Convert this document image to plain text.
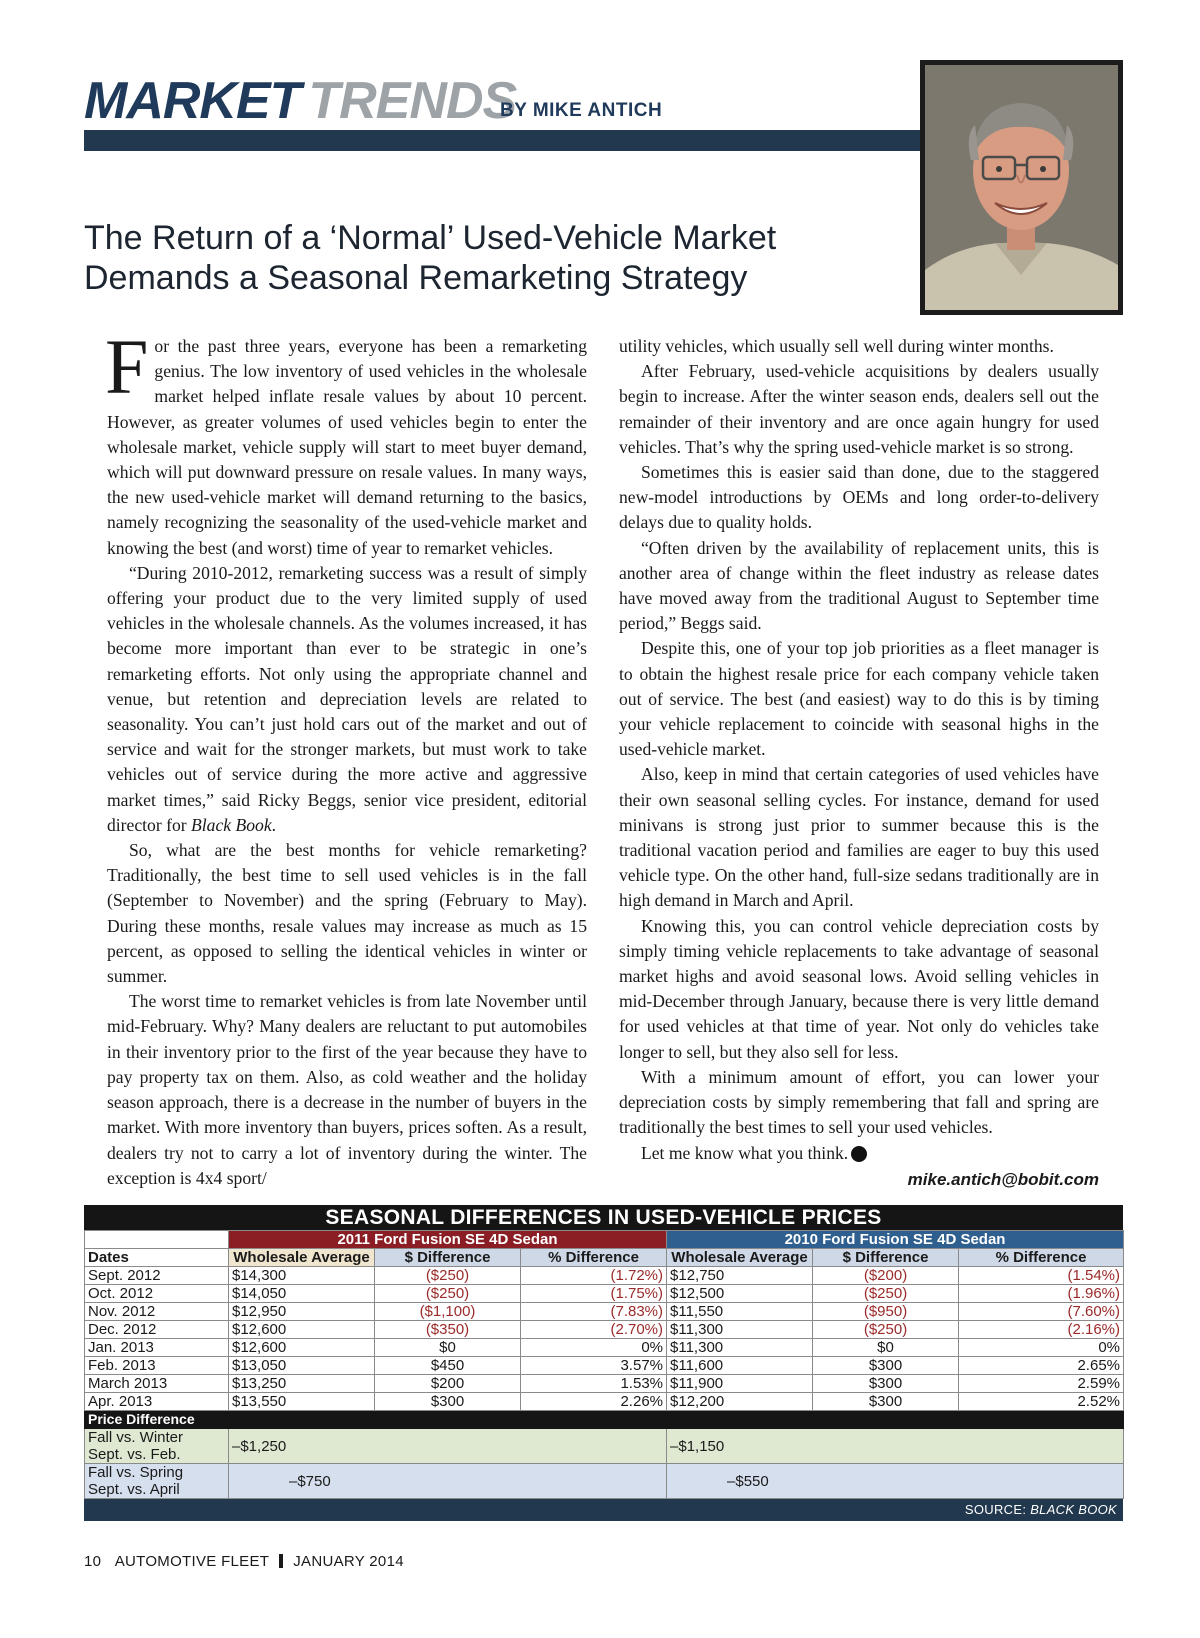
MARKET TRENDS
BY MIKE ANTICH
The Return of a ‘Normal’ Used-Vehicle Market Demands a Seasonal Remarketing Strategy

For the past three years, everyone has been a remarketing genius. The low inventory of used vehicles in the wholesale market helped inflate resale values by about 10 percent. However, as greater volumes of used vehicles begin to enter the wholesale market, vehicle supply will start to meet buyer demand, which will put downward pressure on resale values. In many ways, the new used-vehicle market will demand returning to the basics, namely recognizing the seasonality of the used-vehicle market and knowing the best (and worst) time of year to remarket vehicles.

“During 2010-2012, remarketing success was a result of simply offering your product due to the very limited supply of used vehicles in the wholesale channels. As the volumes increased, it has become more important than ever to be strategic in one’s remarketing efforts. Not only using the appropriate channel and venue, but retention and depreciation levels are related to seasonality. You can’t just hold cars out of the market and out of service and wait for the stronger markets, but must work to take vehicles out of service during the more active and aggressive market times,” said Ricky Beggs, senior vice president, editorial director for Black Book.

So, what are the best months for vehicle remarketing? Traditionally, the best time to sell used vehicles is in the fall (September to November) and the spring (February to May). During these months, resale values may increase as much as 15 percent, as opposed to selling the identical vehicles in winter or summer.

The worst time to remarket vehicles is from late November until mid-February. Why? Many dealers are reluctant to put automobiles in their inventory prior to the first of the year because they have to pay property tax on them. Also, as cold weather and the holiday season approach, there is a decrease in the number of buyers in the market. With more inventory than buyers, prices soften. As a result, dealers try not to carry a lot of inventory during the winter. The exception is 4x4 sport/

utility vehicles, which usually sell well during winter months.

After February, used-vehicle acquisitions by dealers usually begin to increase. After the winter season ends, dealers sell out the remainder of their inventory and are once again hungry for used vehicles. That’s why the spring used-vehicle market is so strong.

Sometimes this is easier said than done, due to the staggered new-model introductions by OEMs and long order-to-delivery delays due to quality holds.

“Often driven by the availability of replacement units, this is another area of change within the fleet industry as release dates have moved away from the traditional August to September time period,” Beggs said.

Despite this, one of your top job priorities as a fleet manager is to obtain the highest resale price for each company vehicle taken out of service. The best (and easiest) way to do this is by timing your vehicle replacement to coincide with seasonal highs in the used-vehicle market.

Also, keep in mind that certain categories of used vehicles have their own seasonal selling cycles. For instance, demand for used minivans is strong just prior to summer because this is the traditional vacation period and families are eager to buy this used vehicle type. On the other hand, full-size sedans traditionally are in high demand in March and April.

Knowing this, you can control vehicle depreciation costs by simply timing vehicle replacements to take advantage of seasonal market highs and avoid seasonal lows. Avoid selling vehicles in mid-December through January, because there is very little demand for used vehicles at that time of year. Not only do vehicles take longer to sell, but they also sell for less.

With a minimum amount of effort, you can lower your depreciation costs by simply remembering that fall and spring are traditionally the best times to sell your used vehicles.

Let me know what you think.	AF

mike.antich@bobit.com
SEASONAL DIFFERENCES IN USED-VEHICLE PRICES
	2011 Ford Fusion SE 4D Sedan			2010 Ford Fusion SE 4D Sedan		
Dates	Wholesale Average	$ Difference	% Difference	Wholesale Average	$ Difference	% Difference
Sept. 2012	$14,300	($250)	(1.72%)	$12,750	($200)	(1.54%)
Oct. 2012	$14,050	($250)	(1.75%)	$12,500	($250)	(1.96%)
Nov. 2012	$12,950	($1,100)	(7.83%)	$11,550	($950)	(7.60%)
Dec. 2012	$12,600	($350)	(2.70%)	$11,300	($250)	(2.16%)
Jan. 2013	$12,600	$0	0%	$11,300	$0	0%
Feb. 2013	$13,050	$450	3.57%	$11,600	$300	2.65%
March 2013	$13,250	$200	1.53%	$11,900	$300	2.59%
Apr. 2013	$13,550	$300	2.26%	$12,200	$300	2.52%
Price Difference						
Fall vs. Winter
Sept. vs. Feb.	–$1,250			–$1,150		
Fall vs. Spring
Sept. vs. April	–$750			–$550		
SOURCE: BLACK BOOK
10 AUTOMOTIVE FLEET JANUARY 2014
